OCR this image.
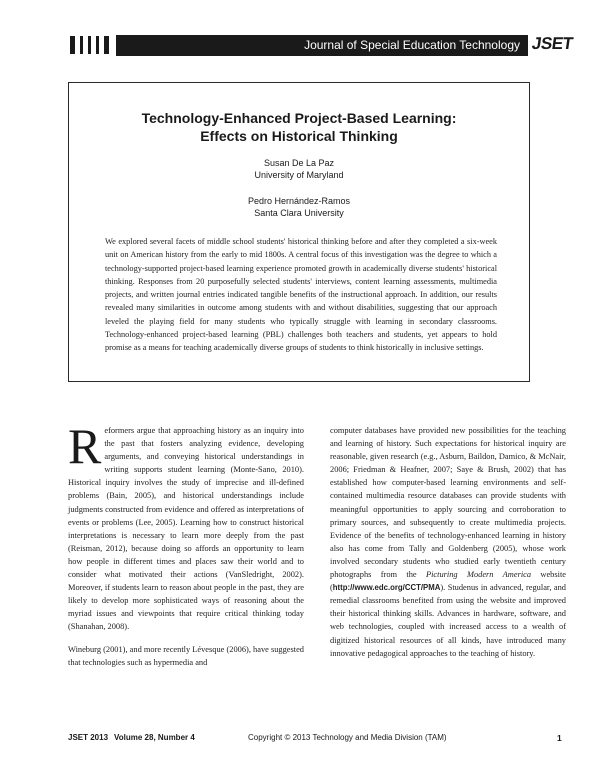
Journal of Special Education Technology JSET
Technology-Enhanced Project-Based Learning:
Effects on Historical Thinking
Susan De La Paz
University of Maryland
Pedro Hernández-Ramos
Santa Clara University

We explored several facets of middle school students' historical thinking before and after they completed a six-week unit on American history from the early to mid 1800s. A central focus of this investigation was the degree to which a technology-supported project-based learning experience promoted growth in academically diverse students' historical thinking. Responses from 20 purposefully selected students' interviews, content learning assessments, multimedia projects, and written journal entries indicated tangible benefits of the instructional approach. In addition, our results revealed many similarities in outcome among students with and without disabilities, suggesting that our approach leveled the playing field for many students who typically struggle with learning in secondary classrooms. Technology-enhanced project-based learning (PBL) challenges both teachers and students, yet appears to hold promise as a means for teaching academically diverse groups of students to think historically in inclusive settings.

Reformers argue that approaching history as an inquiry into the past that fosters analyzing evidence, developing arguments, and conveying historical understandings in writing supports student learning (Monte-Sano, 2010). Historical inquiry involves the study of imprecise and ill-defined problems (Bain, 2005), and historical understandings include judgments constructed from evidence and offered as interpretations of events or problems (Lee, 2005). Learning how to construct historical interpretations is necessary to learn more deeply from the past (Reisman, 2012), because doing so affords an opportunity to learn how people in different times and places saw their world and to consider what motivated their actions (VanSledright, 2002). Moreover, if students learn to reason about people in the past, they are likely to develop more sophisticated ways of reasoning about the myriad issues and viewpoints that require critical thinking today (Shanahan, 2008).

Wineburg (2001), and more recently Lévesque (2006), have suggested that technologies such as hypermedia and

computer databases have provided new possibilities for the teaching and learning of history. Such expectations for historical inquiry are reasonable, given research (e.g., Asburn, Baildon, Damico, & McNair, 2006; Friedman & Heafner, 2007; Saye & Brush, 2002) that has established how computer-based learning environments and self-contained multimedia resource databases can provide students with meaningful opportunities to apply sourcing and corroboration to primary sources, and subsequently to create multimedia projects. Evidence of the benefits of technology-enhanced learning in history also has come from Tally and Goldenberg (2005), whose work involved secondary students who studied early twentieth century photographs from the Picturing Modern America website (http://www.edc.org/CCT/PMA). Studenus in advanced, regular, and remedial classrooms benefited from using the website and improved their historical thinking skills. Advances in hardware, software, and web technologies, coupled with increased access to a wealth of digitized historical resources of all kinds, have introduced many innovative pedagogical approaches to the teaching of history.

JSET 2013 Volume 28, Number 4	Copyright © 2013 Technology and Media Division (TAM)	1
